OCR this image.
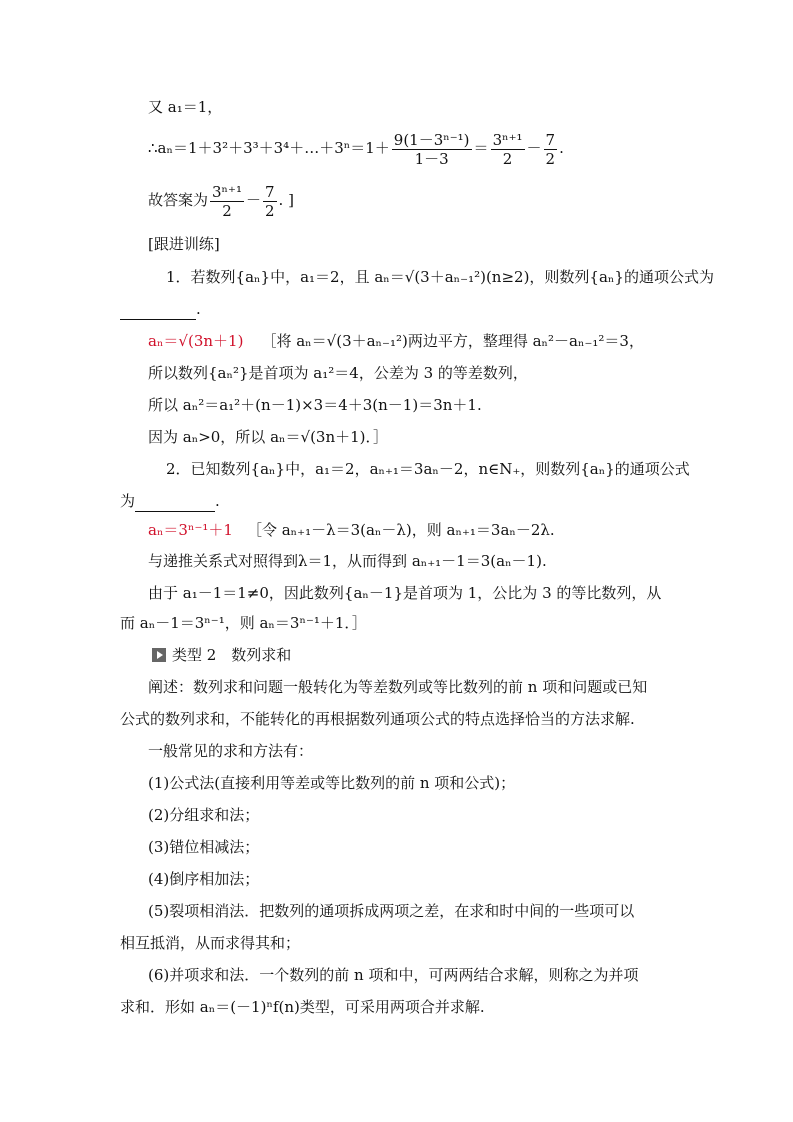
又 a₁＝1，
∴aₙ＝1＋3²＋3³＋3⁴＋…＋3ⁿ＝1＋ $\frac{\text{9(1－3ⁿ⁻¹)}}{1-3} = \frac{\text{3ⁿ⁺¹}}{2} - \frac{7}{2}$ .
故答案为 $\frac{\text{3ⁿ⁺¹}}{2} - \frac{7}{2}$ . ]
[跟进训练]
1．若数列{aₙ}中，a₁＝2，且 aₙ＝√(3＋aₙ₋₁²)(n≥2)，则数列{aₙ}的通项公式为
.
aₙ＝√(3n＋1) ［将 aₙ＝√(3＋aₙ₋₁²)两边平方，整理得 aₙ²－aₙ₋₁²＝3，
所以数列{aₙ²}是首项为 a₁²＝4，公差为 3 的等差数列，
所以 aₙ²＝a₁²＋(n－1)×3＝4＋3(n－1)＝3n＋1.
因为 aₙ>0，所以 aₙ＝√(3n＋1)．］
2．已知数列{aₙ}中，a₁＝2，aₙ₊₁＝3aₙ－2，n∈N₊，则数列{aₙ}的通项公式
为	.
aₙ＝3ⁿ⁻¹＋1 ［令 aₙ₊₁－λ＝3(aₙ－λ)，则 aₙ₊₁＝3aₙ－2λ.
与递推关系式对照得到λ＝1，从而得到 aₙ₊₁－1＝3(aₙ－1).
由于 a₁－1＝1≠0，因此数列{aₙ－1}是首项为 1，公比为 3 的等比数列，从
而 aₙ－1＝3ⁿ⁻¹，则 aₙ＝3ⁿ⁻¹＋1．］
类型 2　数列求和
阐述：数列求和问题一般转化为等差数列或等比数列的前 n 项和问题或已知
公式的数列求和，不能转化的再根据数列通项公式的特点选择恰当的方法求解.
一般常见的求和方法有：
(1)公式法(直接利用等差或等比数列的前 n 项和公式)；
(2)分组求和法；
(3)错位相减法；
(4)倒序相加法；
(5)裂项相消法．把数列的通项拆成两项之差，在求和时中间的一些项可以
相互抵消，从而求得其和；
(6)并项求和法．一个数列的前 n 项和中，可两两结合求解，则称之为并项
求和．形如 aₙ＝(－1)ⁿf(n)类型，可采用两项合并求解.
